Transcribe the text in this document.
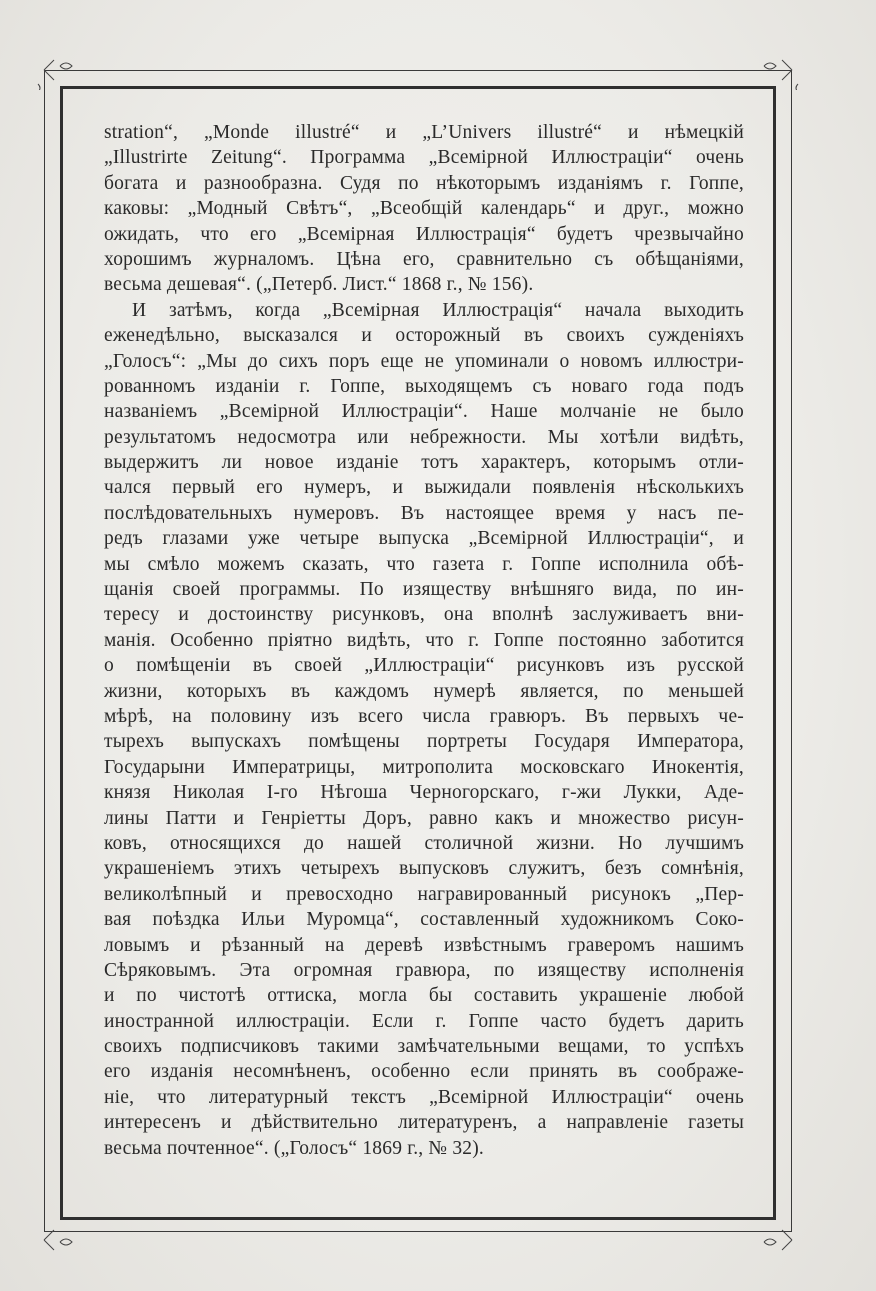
stration“, „Monde illustré“ и „L’Univers illustré“ и нѣмецкій
„Illustrirte Zeitung“. Программа „Всемірной Иллюстраціи“ очень
богата и разнообразна. Судя по нѣкоторымъ изданіямъ г. Гоппе,
каковы: „Модный Свѣтъ“, „Всеобщій календарь“ и друг., можно
ожидать, что его „Всемірная Иллюстрація“ будетъ чрезвычайно
хорошимъ журналомъ. Цѣна его, сравнительно съ обѣщаніями,
весьма дешевая“. („Петерб. Лист.“ 1868 г., № 156).
И затѣмъ, когда „Всемірная Иллюстрація“ начала выходить
еженедѣльно, высказался и осторожный въ своихъ сужденіяхъ
„Голосъ“: „Мы до сихъ поръ еще не упоминали о новомъ иллюстри-
рованномъ изданіи г. Гоппе, выходящемъ съ новаго года подъ
названіемъ „Всемірной Иллюстраціи“. Наше молчаніе не было
результатомъ недосмотра или небрежности. Мы хотѣли видѣть,
выдержитъ ли новое изданіе тотъ характеръ, которымъ отли-
чался первый его нумеръ, и выжидали появленія нѣсколькихъ
послѣдовательныхъ нумеровъ. Въ настоящее время у насъ пе-
редъ глазами уже четыре выпуска „Всемірной Иллюстраціи“, и
мы смѣло можемъ сказать, что газета г. Гоппе исполнила обѣ-
щанія своей программы. По изяществу внѣшняго вида, по ин-
тересу и достоинству рисунковъ, она вполнѣ заслуживаетъ вни-
манія. Особенно пріятно видѣть, что г. Гоппе постоянно заботится
о помѣщеніи въ своей „Иллюстраціи“ рисунковъ изъ русской
жизни, которыхъ въ каждомъ нумерѣ является, по меньшей
мѣрѣ, на половину изъ всего числа гравюръ. Въ первыхъ че-
тырехъ выпускахъ помѣщены портреты Государя Императора,
Государыни Императрицы, митрополита московскаго Инокентія,
князя Николая I-го Нѣгоша Черногорскаго, г-жи Лукки, Аде-
лины Патти и Генріетты Доръ, равно какъ и множество рисун-
ковъ, относящихся до нашей столичной жизни. Но лучшимъ
украшеніемъ этихъ четырехъ выпусковъ служитъ, безъ сомнѣнія,
великолѣпный и превосходно награвированный рисунокъ „Пер-
вая поѣздка Ильи Муромца“, составленный художникомъ Соко-
ловымъ и рѣзанный на деревѣ извѣстнымъ граверомъ нашимъ
Сѣряковымъ. Эта огромная гравюра, по изяществу исполненія
и по чистотѣ оттиска, могла бы составить украшеніе любой
иностранной иллюстраціи. Если г. Гоппе часто будетъ дарить
своихъ подписчиковъ такими замѣчательными вещами, то успѣхъ
его изданія несомнѣненъ, особенно если принять въ соображе-
ніе, что литературный текстъ „Всемірной Иллюстраціи“ очень
интересенъ и дѣйствительно литературенъ, а направленіе газеты
весьма почтенное“. („Голосъ“ 1869 г., № 32).
